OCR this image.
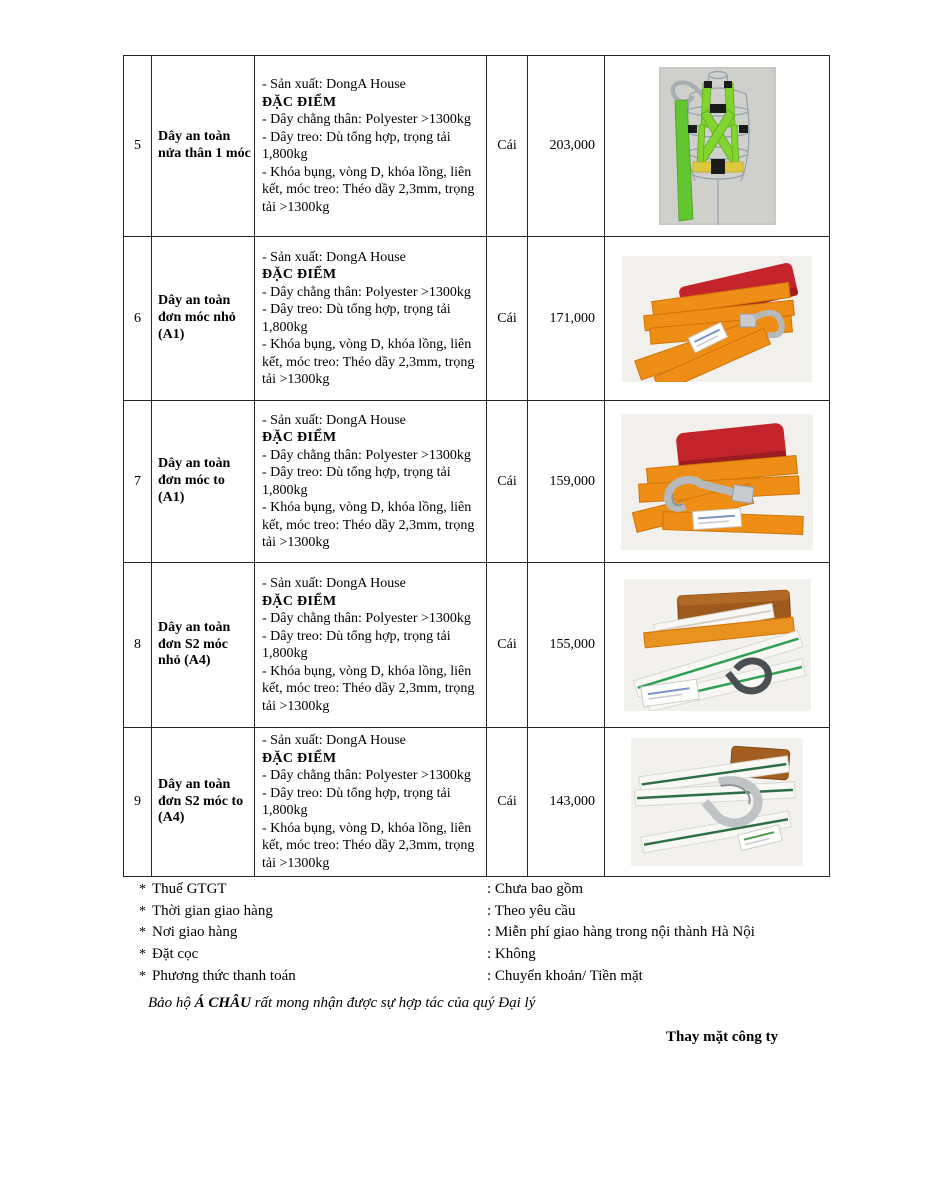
5	Dây an toàn nửa thân 1 móc	- Sản xuất: DongA House
ĐẶC ĐIỂM
- Dây chằng thân: Polyester >1300kg
- Dây treo: Dù tổng hợp, trọng tải 1,800kg
- Khóa bụng, vòng D, khóa lồng, liên kết, móc treo: Théo dầy 2,3mm, trọng tải >1300kg	Cái	203,000	

6	Dây an toàn đơn móc nhỏ (A1)	- Sản xuất: DongA House
ĐẶC ĐIỂM
- Dây chằng thân: Polyester >1300kg
- Dây treo: Dù tổng hợp, trọng tải 1,800kg
- Khóa bụng, vòng D, khóa lồng, liên kết, móc treo: Théo dầy 2,3mm, trọng tải >1300kg	Cái	171,000	

7	Dây an toàn đơn móc to (A1)	- Sản xuất: DongA House
ĐẶC ĐIỂM
- Dây chằng thân: Polyester >1300kg
- Dây treo: Dù tổng hợp, trọng tải 1,800kg
- Khóa bụng, vòng D, khóa lồng, liên kết, móc treo: Théo dầy 2,3mm, trọng tải >1300kg	Cái	159,000	

8	Dây an toàn đơn S2 móc nhỏ (A4)	- Sản xuất: DongA House
ĐẶC ĐIỂM
- Dây chằng thân: Polyester >1300kg
- Dây treo: Dù tổng hợp, trọng tải 1,800kg
- Khóa bụng, vòng D, khóa lồng, liên kết, móc treo: Théo dầy 2,3mm, trọng tải >1300kg	Cái	155,000	

9	Dây an toàn đơn S2 móc to (A4)	- Sản xuất: DongA House
ĐẶC ĐIỂM
- Dây chằng thân: Polyester >1300kg
- Dây treo: Dù tổng hợp, trọng tải 1,800kg
- Khóa bụng, vòng D, khóa lồng, liên kết, móc treo: Théo dầy 2,3mm, trọng tải >1300kg	Cái	143,000	
* Thuế GTGT	: Chưa bao gồm
* Thời gian giao hàng	: Theo yêu cầu
* Nơi giao hàng	: Miễn phí giao hàng trong nội thành Hà Nội
* Đặt cọc	: Không
* Phương thức thanh toán	: Chuyển khoản/ Tiền mặt
Bảo hộ Á CHÂU rất mong nhận được sự hợp tác của quý Đại lý
Thay mặt công ty
